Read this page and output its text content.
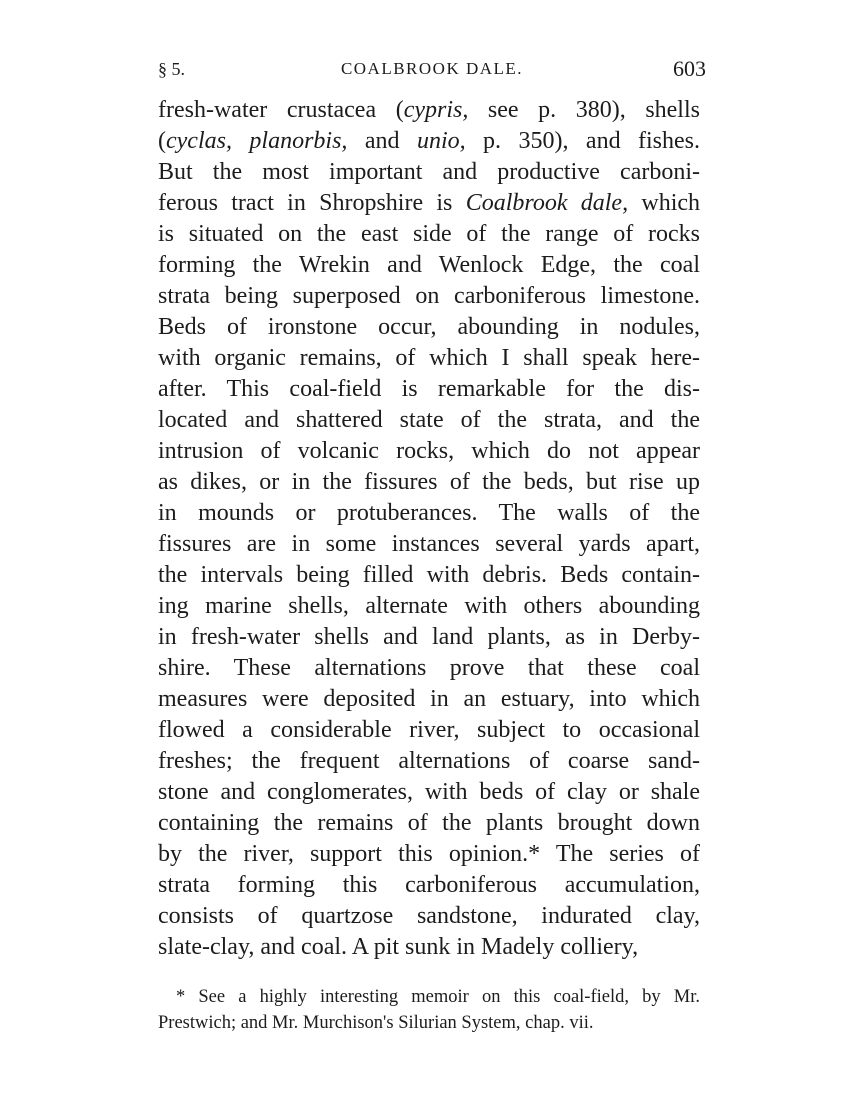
§ 5.	COALBROOK DALE.	603
fresh-water crustacea (cypris, see p. 380), shells
(cyclas, planorbis, and unio, p. 350), and fishes.
But the most important and productive carboni-
ferous tract in Shropshire is Coalbrook dale, which
is situated on the east side of the range of rocks
forming the Wrekin and Wenlock Edge, the coal
strata being superposed on carboniferous limestone.
Beds of ironstone occur, abounding in nodules,
with organic remains, of which I shall speak here-
after. This coal-field is remarkable for the dis-
located and shattered state of the strata, and the
intrusion of volcanic rocks, which do not appear
as dikes, or in the fissures of the beds, but rise up
in mounds or protuberances. The walls of the
fissures are in some instances several yards apart,
the intervals being filled with debris. Beds contain-
ing marine shells, alternate with others abounding
in fresh-water shells and land plants, as in Derby-
shire. These alternations prove that these coal
measures were deposited in an estuary, into which
flowed a considerable river, subject to occasional
freshes; the frequent alternations of coarse sand-
stone and conglomerates, with beds of clay or shale
containing the remains of the plants brought down
by the river, support this opinion.* The series of
strata forming this carboniferous accumulation,
consists of quartzose sandstone, indurated clay,
slate-clay, and coal. A pit sunk in Madely colliery,
* See a highly interesting memoir on this coal-field, by Mr.
Prestwich; and Mr. Murchison's Silurian System, chap. vii.
